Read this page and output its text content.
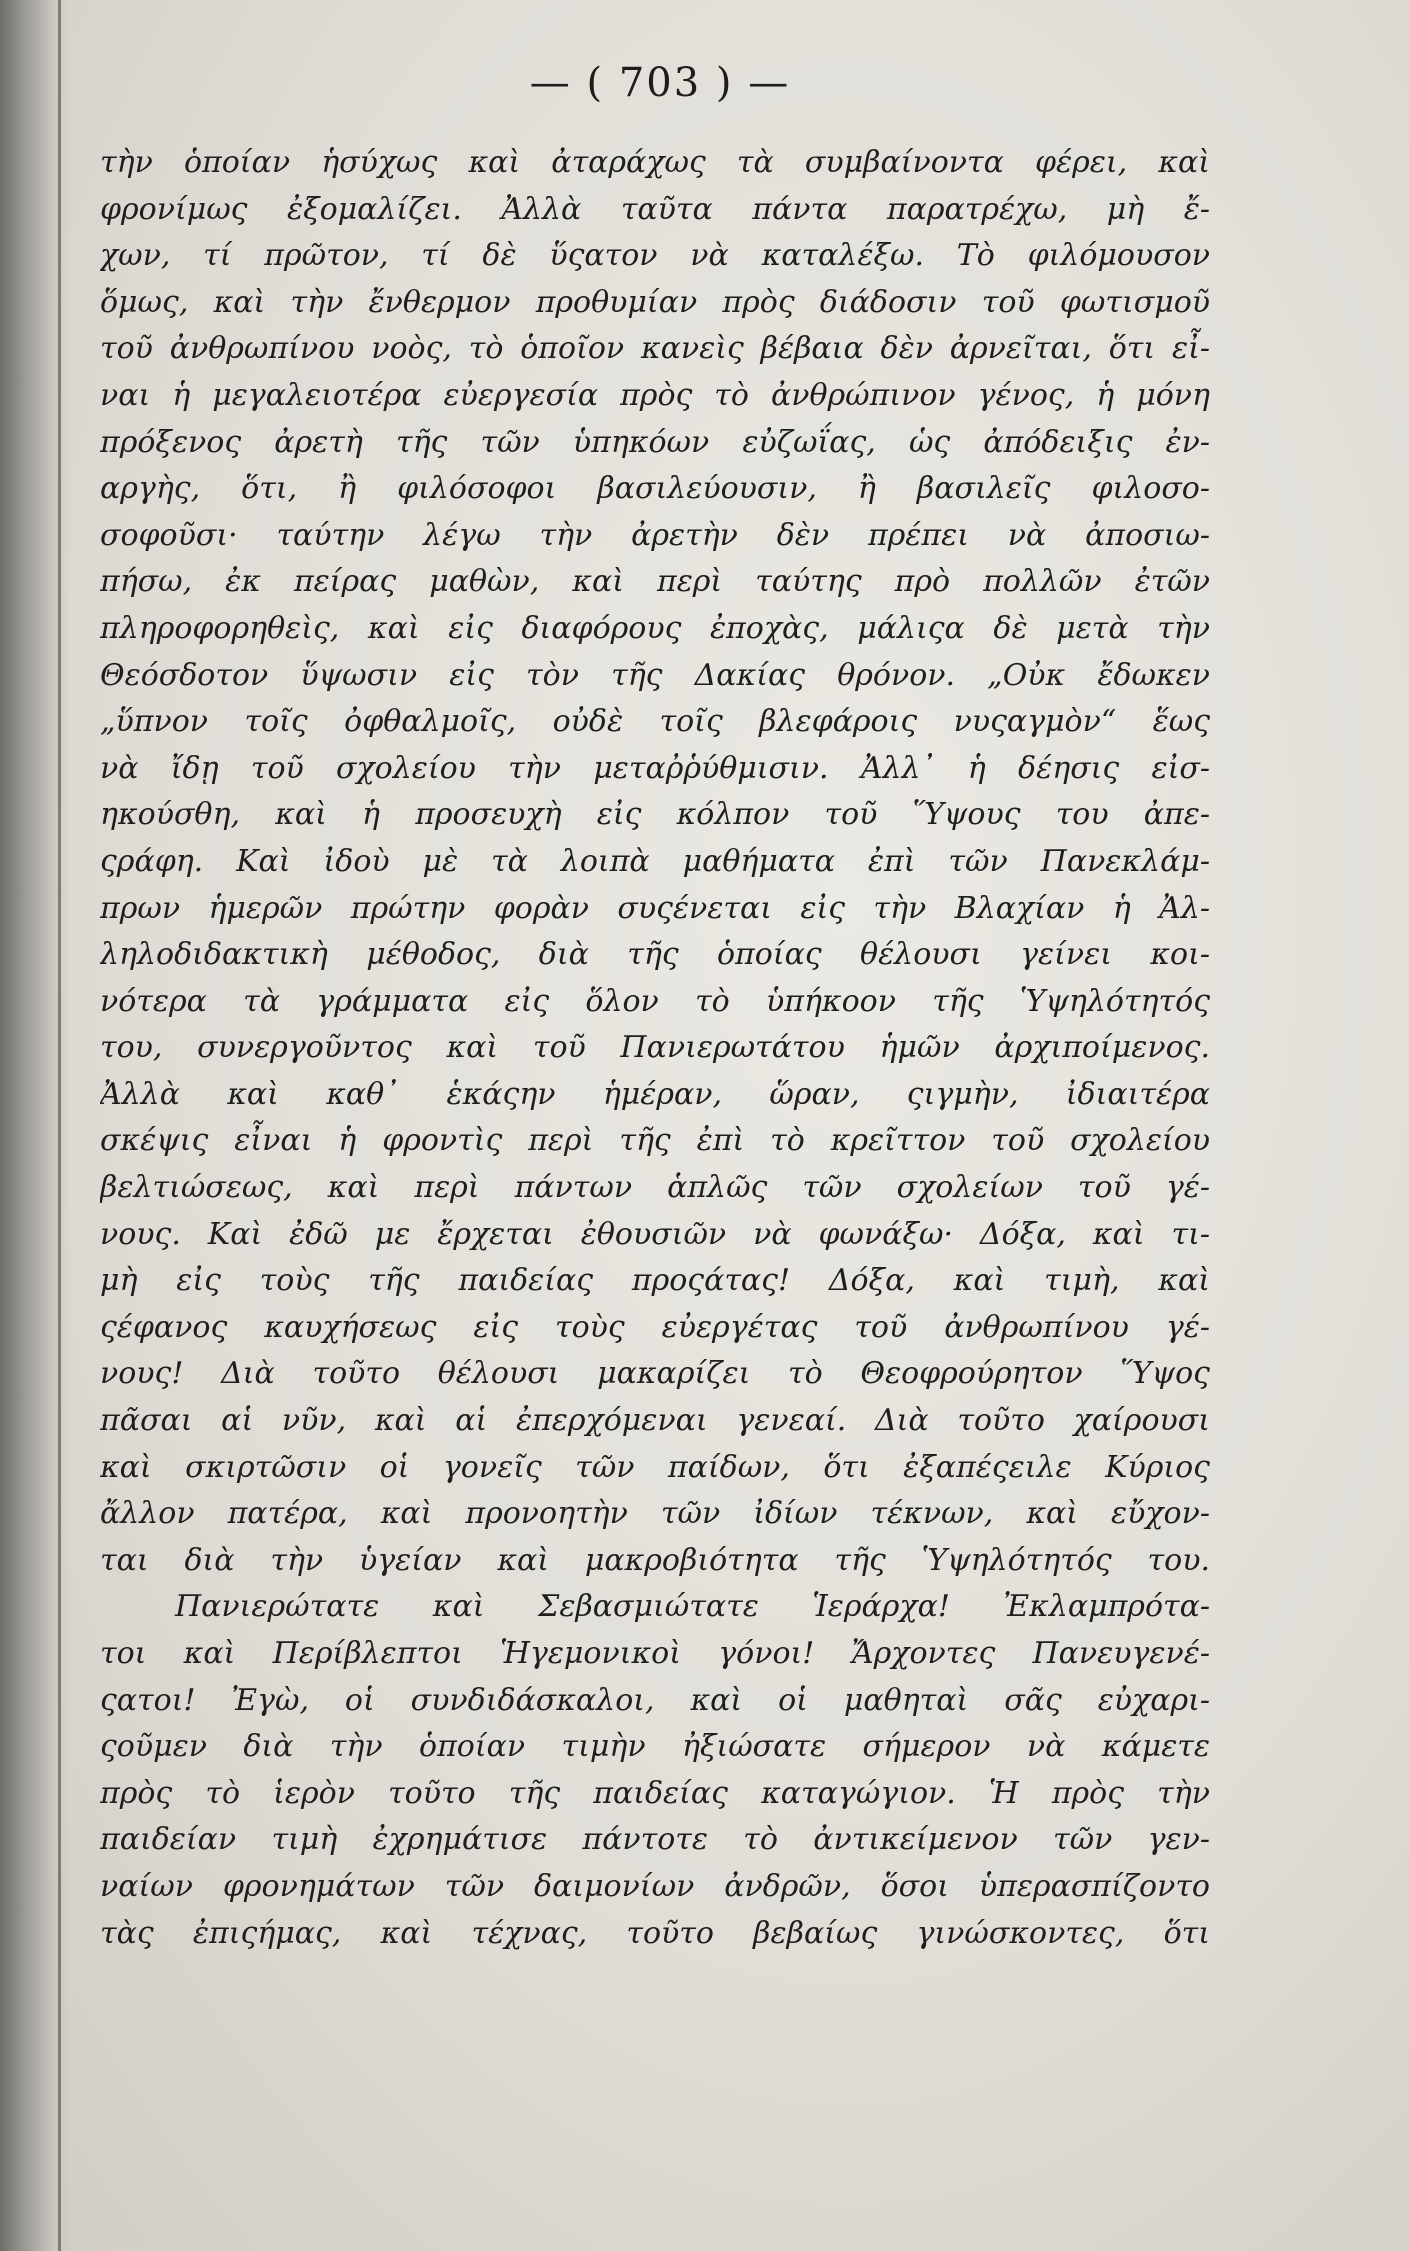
— ( 703 ) —
τὴν ὁποίαν ἡσύχως καὶ ἀταράχως τὰ συμβαίνοντα φέρει, καὶ
φρονίμως ἐξομαλίζει. Ἀλλὰ ταῦτα πάντα παρατρέχω, μὴ ἔ-
χων, τί πρῶτον, τί δὲ ὕςατον νὰ καταλέξω. Τὸ φιλόμουσον
ὅμως, καὶ τὴν ἔνθερμον προθυμίαν πρὸς διάδοσιν τοῦ φωτισμοῦ
τοῦ ἀνθρωπίνου νοὸς, τὸ ὁποῖον κανεὶς βέβαια δὲν ἀρνεῖται, ὅτι εἶ-
ναι ἡ μεγαλειοτέρα εὐεργεσία πρὸς τὸ ἀνθρώπινον γένος, ἡ μόνη
πρόξενος ἀρετὴ τῆς τῶν ὑπηκόων εὐζωΐας, ὡς ἀπόδειξις ἐν-
αργὴς, ὅτι, ἢ φιλόσοφοι βασιλεύουσιν, ἢ βασιλεῖς φιλοσο-
σοφοῦσι· ταύτην λέγω τὴν ἀρετὴν δὲν πρέπει νὰ ἀποσιω-
πήσω, ἐκ πείρας μαθὼν, καὶ περὶ ταύτης πρὸ πολλῶν ἐτῶν
πληροφορηθεὶς, καὶ εἰς διαφόρους ἐποχὰς, μάλιςα δὲ μετὰ τὴν
Θεόσδοτον ὕψωσιν εἰς τὸν τῆς Δακίας θρόνον. „Οὐκ ἔδωκεν
„ὕπνον τοῖς ὀφθαλμοῖς, οὐδὲ τοῖς βλεφάροις νυςαγμὸν“ ἕως
νὰ ἴδῃ τοῦ σχολείου τὴν μεταῤῥύθμισιν. Ἀλλ᾽ ἡ δέησις εἰσ-
ηκούσθη, καὶ ἡ προσευχὴ εἰς κόλπον τοῦ Ὕψους του ἀπε-
ςράφη. Καὶ ἰδοὺ μὲ τὰ λοιπὰ μαθήματα ἐπὶ τῶν Πανεκλάμ-
πρων ἡμερῶν πρώτην φορὰν συςένεται εἰς τὴν Βλαχίαν ἡ Ἀλ-
ληλοδιδακτικὴ μέθοδος, διὰ τῆς ὁποίας θέλουσι γείνει κοι-
νότερα τὰ γράμματα εἰς ὅλον τὸ ὑπήκοον τῆς Ὑψηλότητός
του, συνεργοῦντος καὶ τοῦ Πανιερωτάτου ἡμῶν ἀρχιποίμενος.
Ἀλλὰ καὶ καθ᾽ ἑκάςην ἡμέραν, ὥραν, ςιγμὴν, ἰδιαιτέρα
σκέψις εἶναι ἡ φροντὶς περὶ τῆς ἐπὶ τὸ κρεῖττον τοῦ σχολείου
βελτιώσεως, καὶ περὶ πάντων ἁπλῶς τῶν σχολείων τοῦ γέ-
νους. Καὶ ἐδῶ με ἔρχεται ἐθουσιῶν νὰ φωνάξω· Δόξα, καὶ τι-
μὴ εἰς τοὺς τῆς παιδείας προςάτας! Δόξα, καὶ τιμὴ, καὶ
ςέφανος καυχήσεως εἰς τοὺς εὐεργέτας τοῦ ἀνθρωπίνου γέ-
νους! Διὰ τοῦτο θέλουσι μακαρίζει τὸ Θεοφρούρητον Ὕψος
πᾶσαι αἱ νῦν, καὶ αἱ ἐπερχόμεναι γενεαί. Διὰ τοῦτο χαίρουσι
καὶ σκιρτῶσιν οἱ γονεῖς τῶν παίδων, ὅτι ἐξαπέςειλε Κύριος
ἄλλον πατέρα, καὶ προνοητὴν τῶν ἰδίων τέκνων, καὶ εὔχον-
ται διὰ τὴν ὑγείαν καὶ μακροβιότητα τῆς Ὑψηλότητός του.
Πανιερώτατε καὶ Σεβασμιώτατε Ἱεράρχα! Ἐκλαμπρότα-
τοι καὶ Περίβλεπτοι Ἡγεμονικοὶ γόνοι! Ἄρχοντες Πανευγενέ-
ςατοι! Ἐγὼ, οἱ συνδιδάσκαλοι, καὶ οἱ μαθηταὶ σᾶς εὐχαρι-
ςοῦμεν διὰ τὴν ὁποίαν τιμὴν ἠξιώσατε σήμερον νὰ κάμετε
πρὸς τὸ ἱερὸν τοῦτο τῆς παιδείας καταγώγιον. Ἡ πρὸς τὴν
παιδείαν τιμὴ ἐχρημάτισε πάντοτε τὸ ἀντικείμενον τῶν γεν-
ναίων φρονημάτων τῶν δαιμονίων ἀνδρῶν, ὅσοι ὑπερασπίζοντο
τὰς ἐπιςήμας, καὶ τέχνας, τοῦτο βεβαίως γινώσκοντες, ὅτι
